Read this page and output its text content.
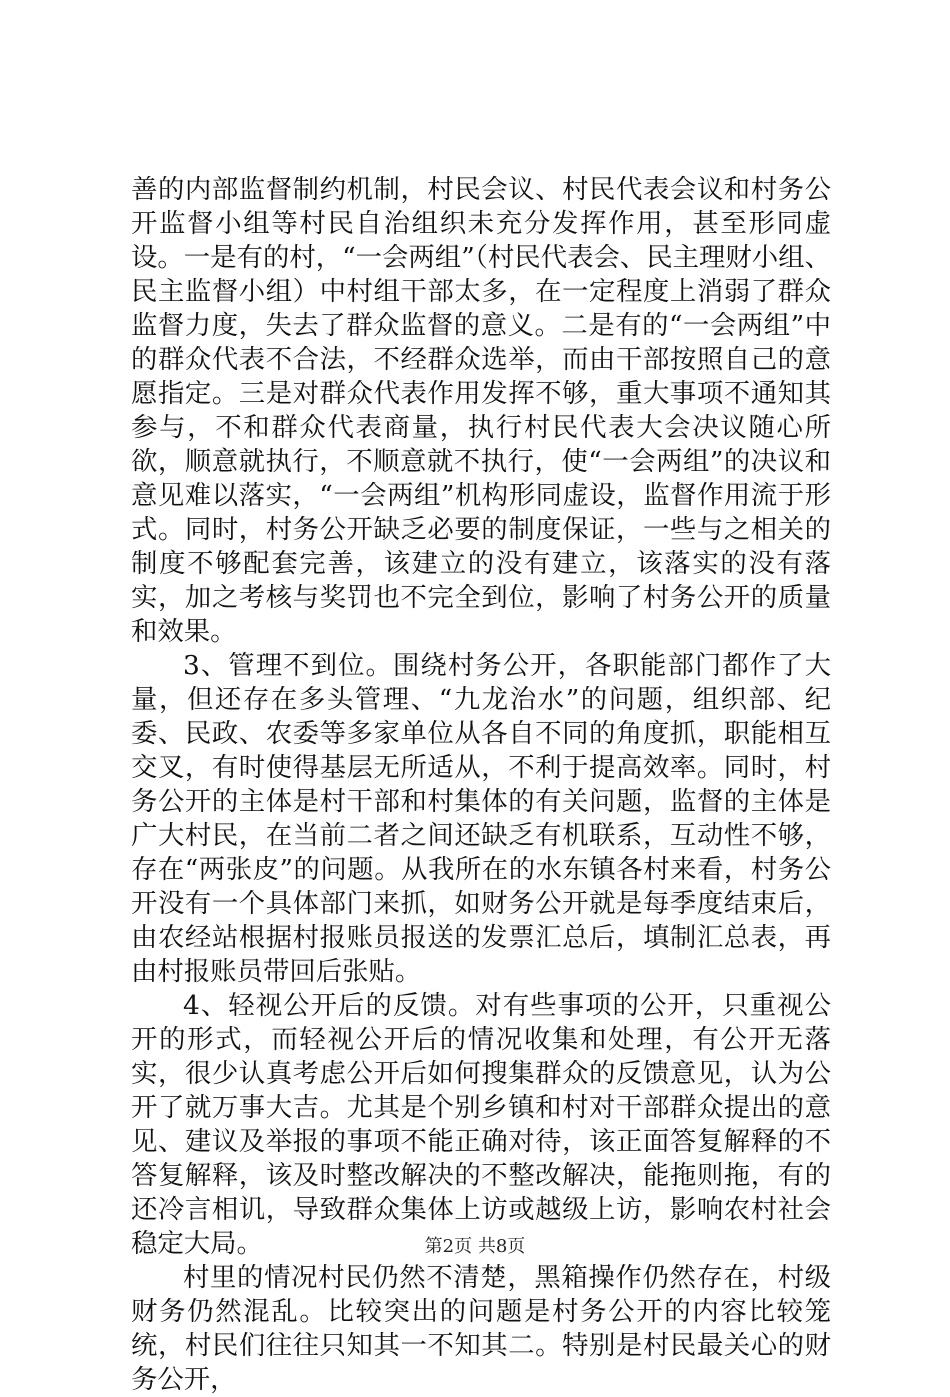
善的内部监督制约机制，村民会议、村民代表会议和村务公开监督小组等村民自治组织未充分发挥作用，甚至形同虚设。一是有的村，“一会两组”（村民代表会、民主理财小组、民主监督小组）中村组干部太多，在一定程度上消弱了群众监督力度，失去了群众监督的意义。二是有的“一会两组”中的群众代表不合法，不经群众选举，而由干部按照自己的意愿指定。三是对群众代表作用发挥不够，重大事项不通知其参与，不和群众代表商量，执行村民代表大会决议随心所欲，顺意就执行，不顺意就不执行，使“一会两组”的决议和意见难以落实，“一会两组”机构形同虚设，监督作用流于形式。同时，村务公开缺乏必要的制度保证，一些与之相关的制度不够配套完善，该建立的没有建立，该落实的没有落实，加之考核与奖罚也不完全到位，影响了村务公开的质量和效果。

3、管理不到位。围绕村务公开，各职能部门都作了大量，但还存在多头管理、“九龙治水”的问题，组织部、纪委、民政、农委等多家单位从各自不同的角度抓，职能相互交叉，有时使得基层无所适从，不利于提高效率。同时，村务公开的主体是村干部和村集体的有关问题，监督的主体是广大村民，在当前二者之间还缺乏有机联系，互动性不够，存在“两张皮”的问题。从我所在的水东镇各村来看，村务公开没有一个具体部门来抓，如财务公开就是每季度结束后，由农经站根据村报账员报送的发票汇总后，填制汇总表，再由村报账员带回后张贴。

4、轻视公开后的反馈。对有些事项的公开，只重视公开的形式，而轻视公开后的情况收集和处理，有公开无落实，很少认真考虑公开后如何搜集群众的反馈意见，认为公开了就万事大吉。尤其是个别乡镇和村对干部群众提出的意见、建议及举报的事项不能正确对待，该正面答复解释的不答复解释，该及时整改解决的不整改解决，能拖则拖，有的还冷言相讥，导致群众集体上访或越级上访，影响农村社会稳定大局。

村里的情况村民仍然不清楚，黑箱操作仍然存在，村级财务仍然混乱。比较突出的问题是村务公开的内容比较笼统，村民们往往只知其一不知其二。特别是村民最关心的财务公开，

第2页 共8页
